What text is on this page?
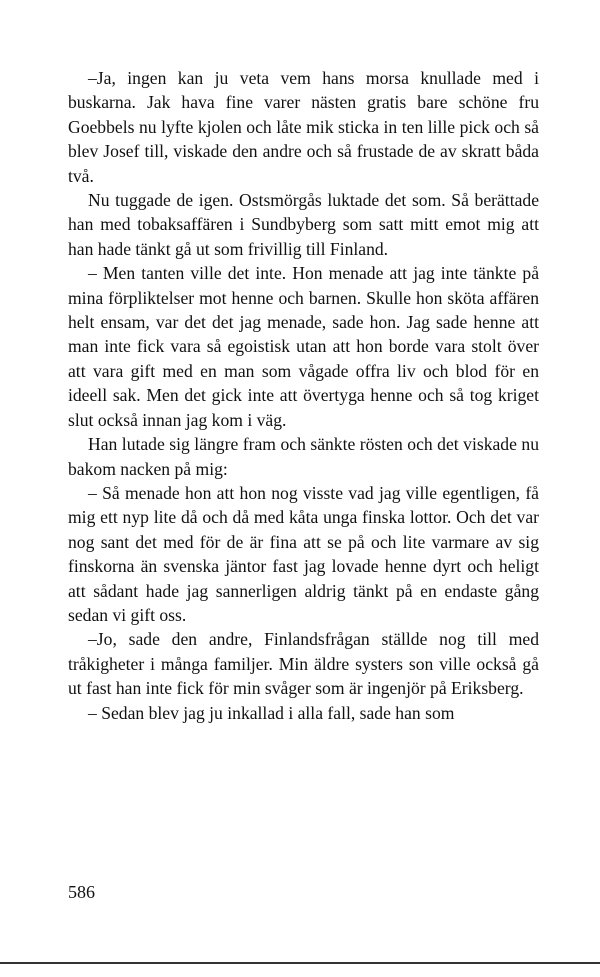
–Ja, ingen kan ju veta vem hans morsa knullade med i buskarna. Jak hava fine varer nästen gratis bare schöne fru Goebbels nu lyfte kjolen och låte mik sticka in ten lille pick och så blev Josef till, viskade den andre och så frustade de av skratt båda två.

Nu tuggade de igen. Ostsmörgås luktade det som. Så berättade han med tobaksaffären i Sundbyberg som satt mitt emot mig att han hade tänkt gå ut som frivillig till Finland.

– Men tanten ville det inte. Hon menade att jag inte tänkte på mina förpliktelser mot henne och barnen. Skulle hon sköta affären helt ensam, var det det jag menade, sade hon. Jag sade henne att man inte fick vara så egoistisk utan att hon borde vara stolt över att vara gift med en man som vågade offra liv och blod för en ideell sak. Men det gick inte att övertyga henne och så tog kriget slut också innan jag kom i väg.

Han lutade sig längre fram och sänkte rösten och det viskade nu bakom nacken på mig:

– Så menade hon att hon nog visste vad jag ville egentligen, få mig ett nyp lite då och då med kåta unga finska lottor. Och det var nog sant det med för de är fina att se på och lite varmare av sig finskorna än svenska jäntor fast jag lovade henne dyrt och heligt att sådant hade jag sannerligen aldrig tänkt på en endaste gång sedan vi gift oss.

–Jo, sade den andre, Finlandsfrågan ställde nog till med tråkigheter i många familjer. Min äldre systers son ville också gå ut fast han inte fick för min svåger som är ingenjör på Eriksberg.

– Sedan blev jag ju inkallad i alla fall, sade han som

586
